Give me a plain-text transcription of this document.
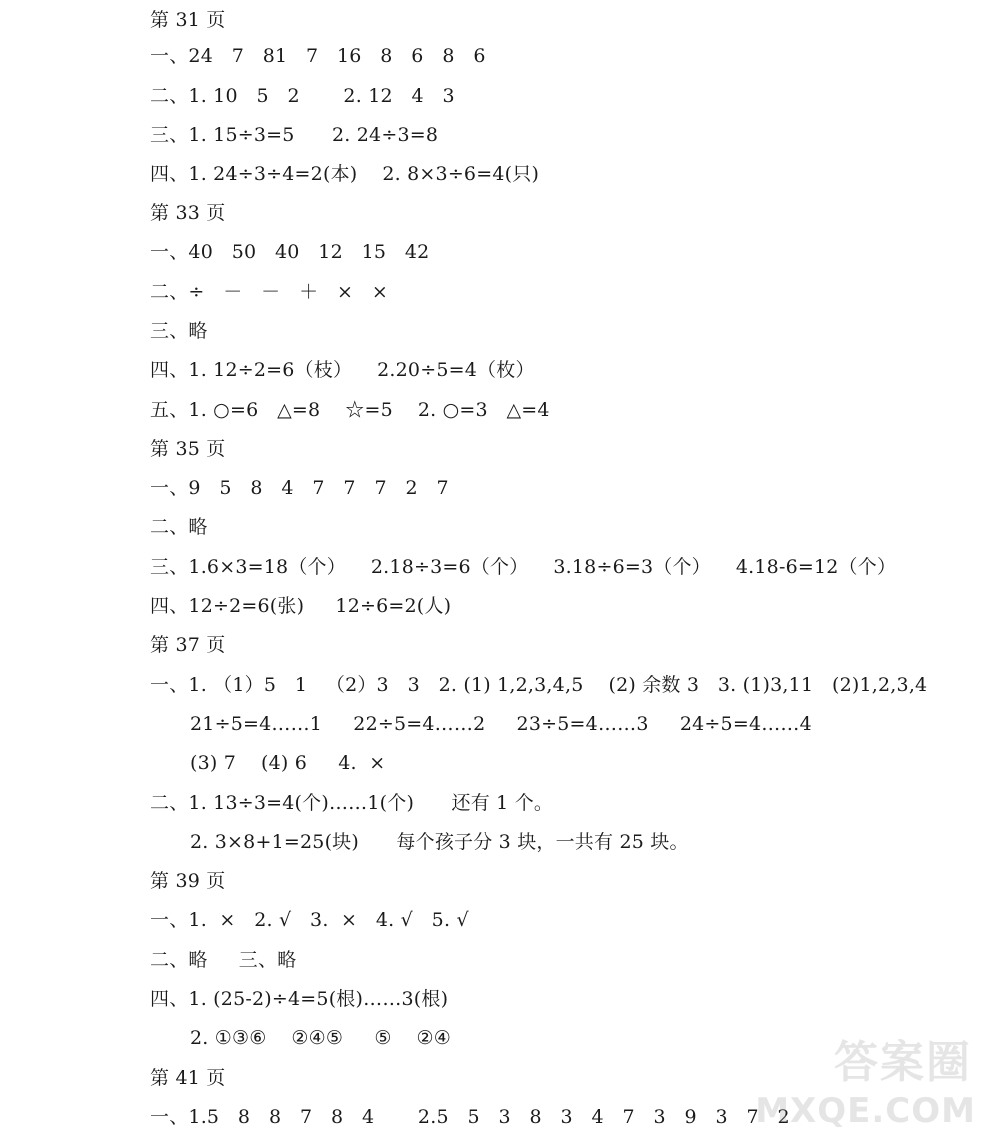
第 31 页
一、24   7   81   7   16   8   6   8   6
二、1. 10   5   2       2. 12   4   3
三、1. 15÷3=5      2. 24÷3=8
四、1. 24÷3÷4=2(本)    2. 8×3÷6=4(只)
第 33 页
一、40   50   40   12   15   42
二、÷   －   －   ＋   ×   ×
三、略
四、1. 12÷2=6（枝）    2.20÷5=4（枚）
五、1. ○=6   △=8    ☆=5    2. ○=3   △=4
第 35 页
一、9   5   8   4   7   7   7   2   7
二、略
三、1.6×3=18（个）    2.18÷3=6（个）    3.18÷6=3（个）    4.18-6=12（个）
四、12÷2=6(张)     12÷6=2(人)
第 37 页
一、1. （1）5   1   （2）3   3   2. (1) 1,2,3,4,5    (2) 余数 3   3. (1)3,11   (2)1,2,3,4
21÷5=4……1     22÷5=4……2     23÷5=4……3     24÷5=4……4
(3) 7    (4) 6     4.  ×
二、1. 13÷3=4(个)……1(个)      还有 1 个。
2. 3×8+1=25(块)      每个孩子分 3 块，一共有 25 块。
第 39 页
一、1.  ×   2. √   3.  ×   4. √   5. √
二、略     三、略
四、1. (25-2)÷4=5(根)……3(根)
2. ①③⑥    ②④⑤     ⑤    ②④
第 41 页
一、1.5   8   8   7   8   4       2.5   5   3   8   3   4   7   3   9   3   7   2
答案圈
MXQE.COM
